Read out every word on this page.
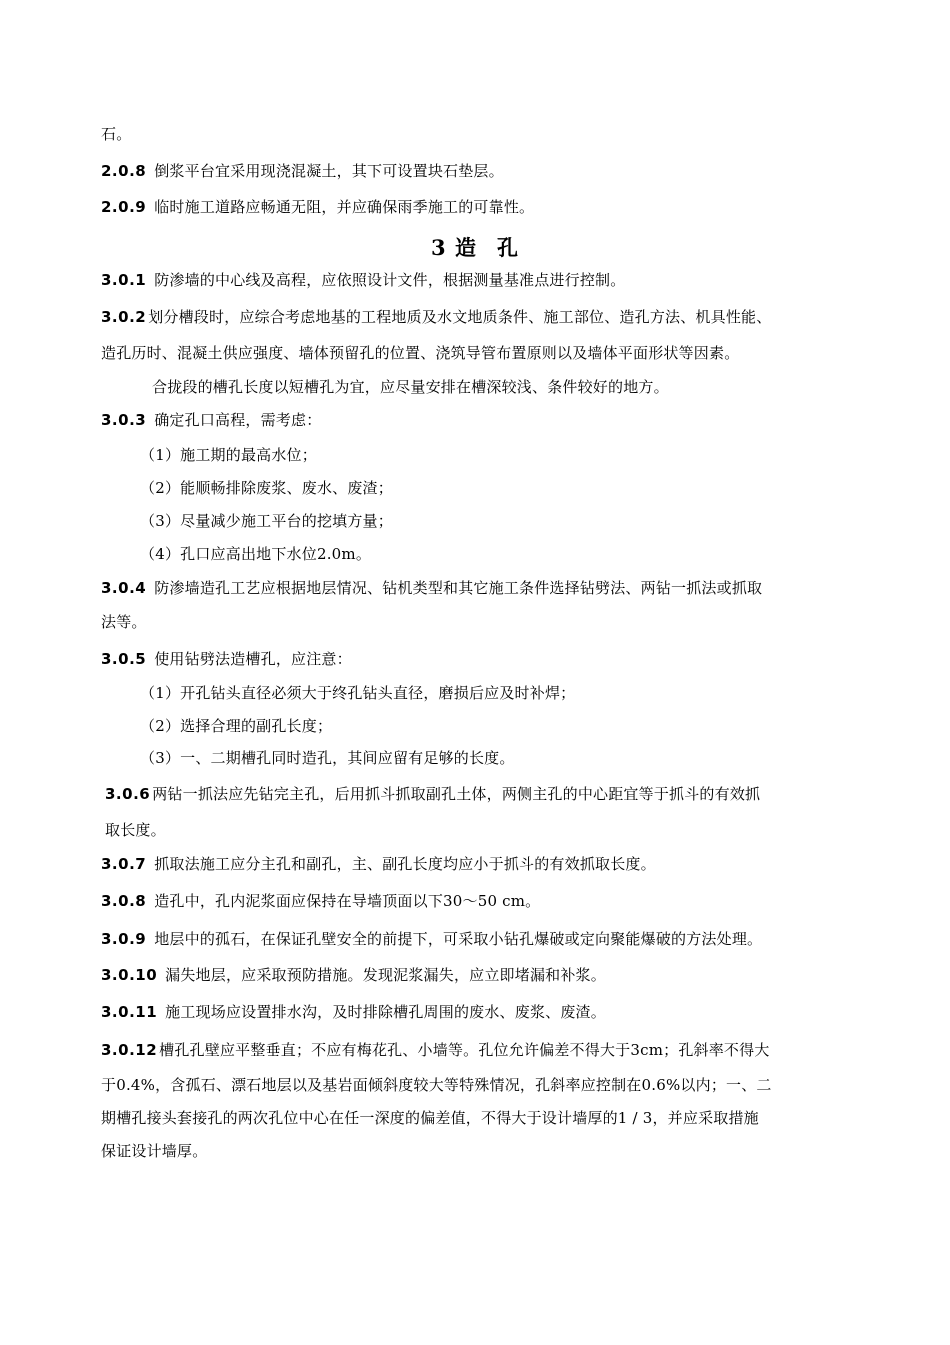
石。
2.0.8 倒浆平台宜采用现浇混凝土，其下可设置块石垫层。
2.0.9 临时施工道路应畅通无阻，并应确保雨季施工的可靠性。
3 造 孔
3.0.1 防渗墙的中心线及高程，应依照设计文件，根据测量基准点进行控制。
3.0.2 划分槽段时，应综合考虑地基的工程地质及水文地质条件、施工部位、造孔方法、机具性能、
造孔历时、混凝土供应强度、墙体预留孔的位置、浇筑导管布置原则以及墙体平面形状等因素。
合拢段的槽孔长度以短槽孔为宜，应尽量安排在槽深较浅、条件较好的地方。
3.0.3 确定孔口高程，需考虑：
（1）施工期的最高水位；
（2）能顺畅排除废浆、废水、废渣；
（3）尽量减少施工平台的挖填方量；
（4）孔口应高出地下水位2.0m。
3.0.4 防渗墙造孔工艺应根据地层情况、钻机类型和其它施工条件选择钻劈法、两钻一抓法或抓取
法等。
3.0.5 使用钻劈法造槽孔，应注意：
（1）开孔钻头直径必须大于终孔钻头直径，磨损后应及时补焊；
（2）选择合理的副孔长度；
（3）一、二期槽孔同时造孔，其间应留有足够的长度。
3.0.6 两钻一抓法应先钻完主孔，后用抓斗抓取副孔土体，两侧主孔的中心距宜等于抓斗的有效抓
取长度。
3.0.7 抓取法施工应分主孔和副孔，主、副孔长度均应小于抓斗的有效抓取长度。
3.0.8 造孔中，孔内泥浆面应保持在导墙顶面以下30～50 cm。
3.0.9 地层中的孤石，在保证孔壁安全的前提下，可采取小钻孔爆破或定向聚能爆破的方法处理。
3.0.10 漏失地层，应采取预防措施。发现泥浆漏失，应立即堵漏和补浆。
3.0.11 施工现场应设置排水沟，及时排除槽孔周围的废水、废浆、废渣。
3.0.12 槽孔孔壁应平整垂直；不应有梅花孔、小墙等。孔位允许偏差不得大于3cm；孔斜率不得大
于0.4%，含孤石、漂石地层以及基岩面倾斜度较大等特殊情况，孔斜率应控制在0.6%以内；一、二
期槽孔接头套接孔的两次孔位中心在任一深度的偏差值，不得大于设计墙厚的1 / 3，并应采取措施
保证设计墙厚。
